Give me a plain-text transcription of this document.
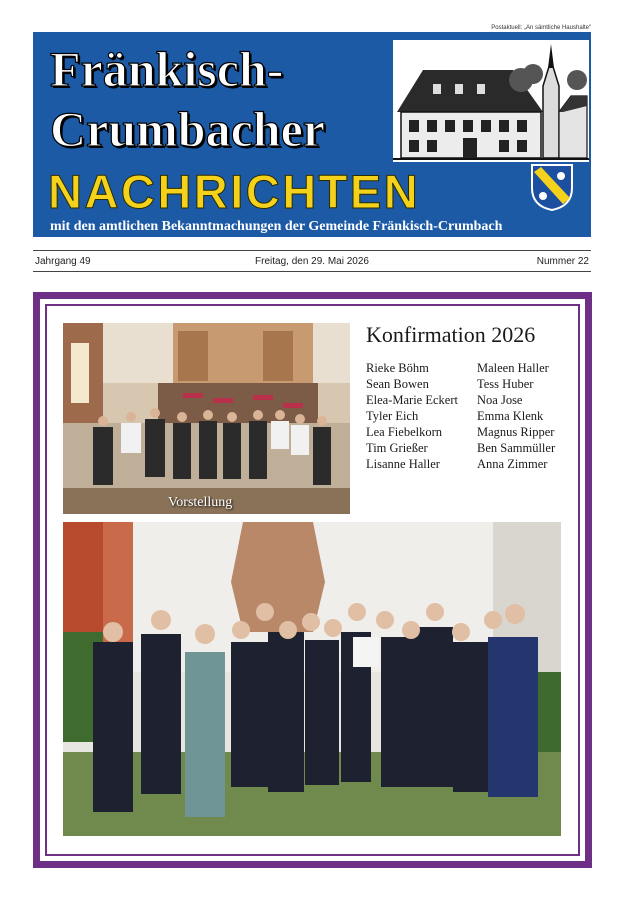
Postaktuell: „An sämtliche Haushalte“
Fränkisch-
Crumbacher
NACHRICHTEN
mit den amtlichen Bekanntmachungen der Gemeinde Fränkisch-Crumbach
Freitag, den 29. Mai 2026
Jahrgang 49	Nummer 22
Vorstellung
Konfirmation 2026
Rieke Böhm
Sean Bowen
Elea-Marie Eckert
Tyler Eich
Lea Fiebelkorn
Tim Grießer
Lisanne Haller
Maleen Haller
Tess Huber
Noa Jose
Emma Klenk
Magnus Ripper
Ben Sammüller
Anna Zimmer
